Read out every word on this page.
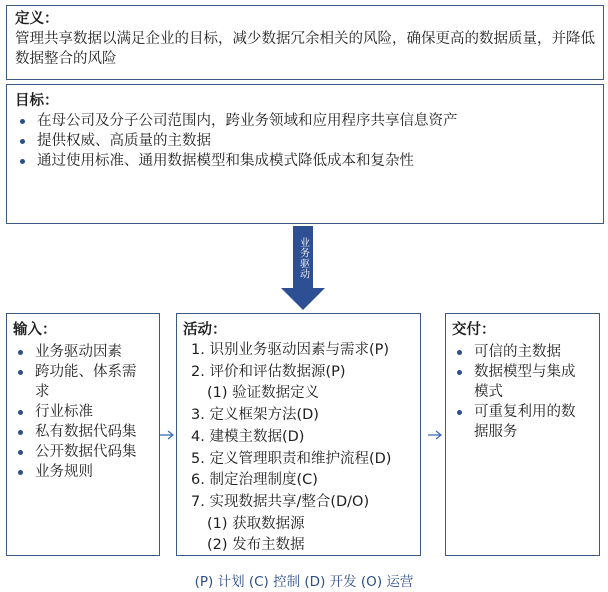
定义：
管理共享数据以满足企业的目标，减少数据冗余相关的风险，确保更高的数据质量，并降低数据整合的风险
目标：
在母公司及分子公司范围内，跨业务领域和应用程序共享信息资产
提供权威、高质量的主数据
通过使用标准、通用数据模型和集成模式降低成本和复杂性
业务驱动
输入：
业务驱动因素
跨功能、体系需求
行业标准
私有数据代码集
公开数据代码集
业务规则
活动：
1. 识别业务驱动因素与需求(P)
2. 评价和评估数据源(P)
(1) 验证数据定义
3. 定义框架方法(D)
4. 建模主数据(D)
5. 定义管理职责和维护流程(D)
6. 制定治理制度(C)
7. 实现数据共享/整合(D/O)
(1) 获取数据源
(2) 发布主数据
交付：
可信的主数据
数据模型与集成模式
可重复利用的数据服务
(P) 计划 (C) 控制 (D) 开发 (O) 运营
